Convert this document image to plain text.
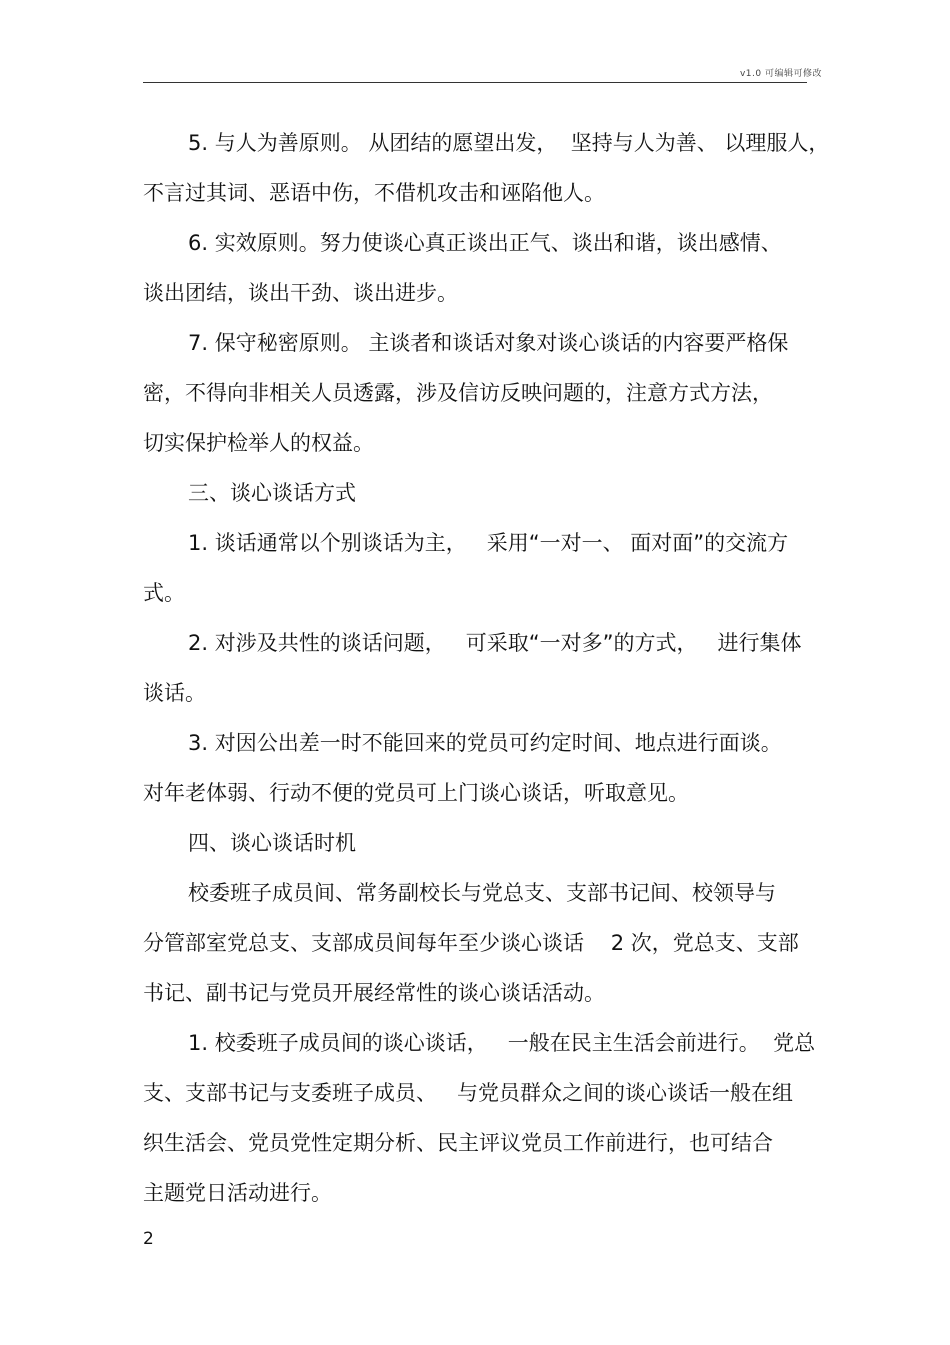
v1.0 可编辑可修改
5. 与人为善原则。 从团结的愿望出发，  坚持与人为善、 以理服人，
不言过其词、恶语中伤，不借机攻击和诬陷他人。
6. 实效原则。努力使谈心真正谈出正气、谈出和谐，谈出感情、
谈出团结，谈出干劲、谈出进步。
7. 保守秘密原则。 主谈者和谈话对象对谈心谈话的内容要严格保
密，不得向非相关人员透露，涉及信访反映问题的，注意方式方法，
切实保护检举人的权益。
三、谈心谈话方式
1. 谈话通常以个别谈话为主，   采用“一对一、 面对面”的交流方
式。
2. 对涉及共性的谈话问题，   可采取“一对多”的方式，   进行集体
谈话。
3. 对因公出差一时不能回来的党员可约定时间、地点进行面谈。
对年老体弱、行动不便的党员可上门谈心谈话，听取意见。
四、谈心谈话时机
校委班子成员间、常务副校长与党总支、支部书记间、校领导与
分管部室党总支、支部成员间每年至少谈心谈话    2 次，党总支、支部
书记、副书记与党员开展经常性的谈心谈话活动。
1. 校委班子成员间的谈心谈话，   一般在民主生活会前进行。  党总
支、支部书记与支委班子成员、   与党员群众之间的谈心谈话一般在组
织生活会、党员党性定期分析、民主评议党员工作前进行，也可结合
主题党日活动进行。
2
